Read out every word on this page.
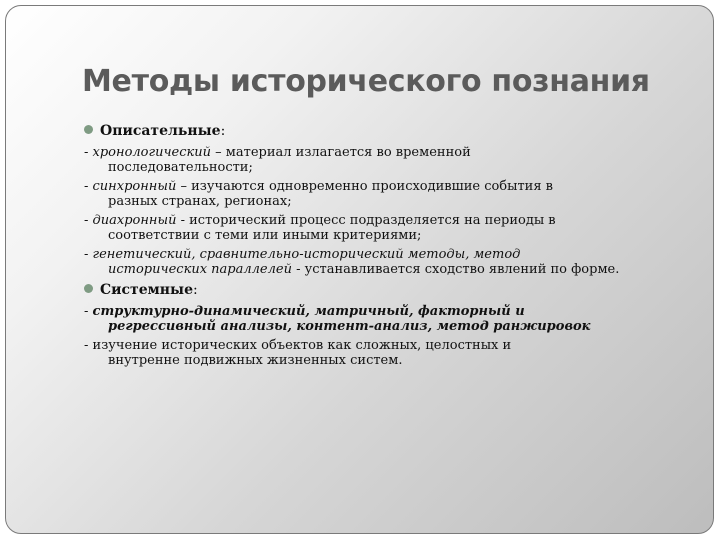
Методы исторического познания
Описательные:
- хронологический – материал излагается во временной
последовательности;
- синхронный – изучаются одновременно происходившие события в
разных странах, регионах;
- диахронный - исторический процесс подразделяется на периоды в
соответствии с теми или иными критериями;
- генетический, сравнительно-исторический методы, метод
исторических параллелей - устанавливается сходство явлений по форме.
Системные:
- структурно-динамический, матричный, факторный и
регрессивный анализы, контент-анализ, метод ранжировок
- изучение исторических объектов как сложных, целостных и
внутренне подвижных жизненных систем.
